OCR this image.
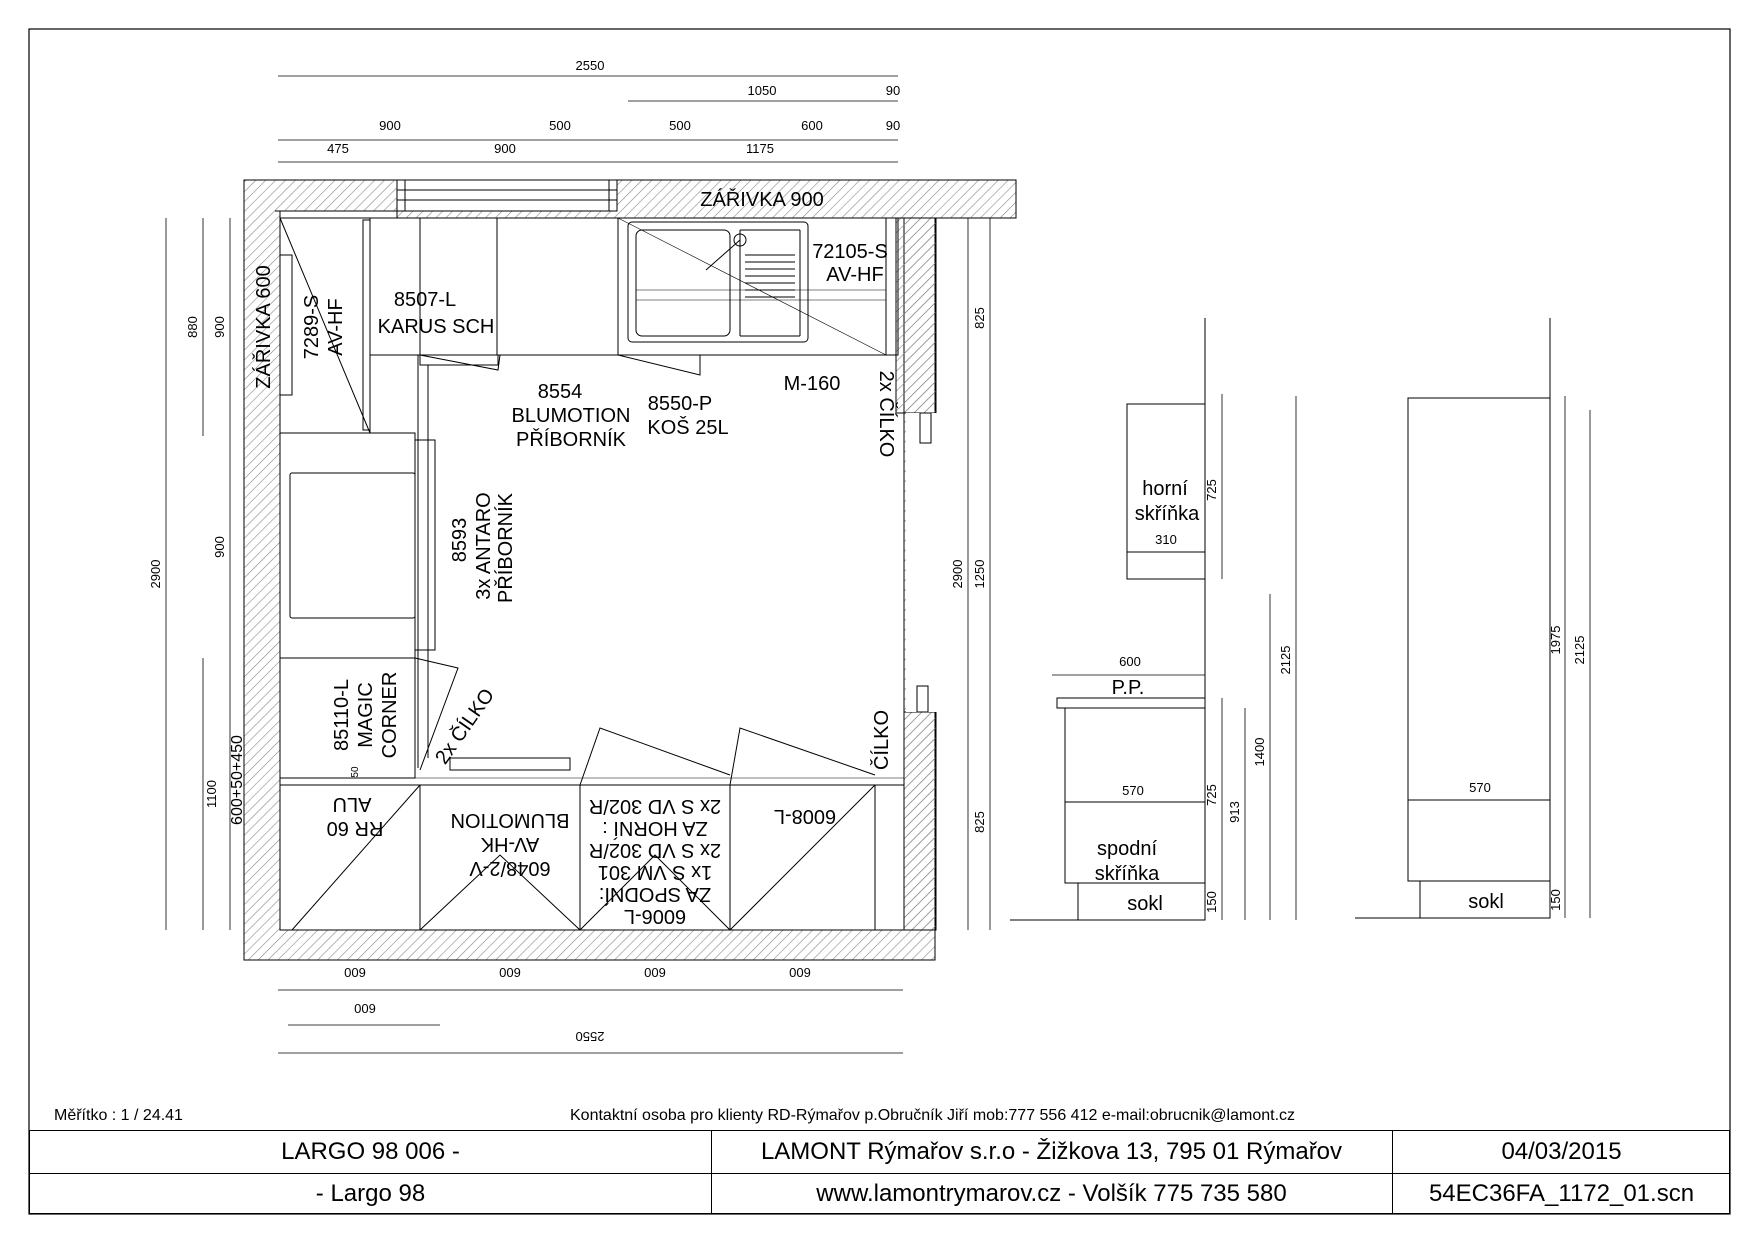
2550
1050	90
900	500	500	600	90
475	900	1175
600	600	600	600
600
2550
2900
880 900
900
1100 600+50+450
825
1250
825
2900
ZÁŘIVKA 900
ZÁŘIVKA 600 7289-S AV-HF 8507-L
KARUS SCH
72105-S
AV-HF
8554
BLUMOTION
PŘÍBORNÍK
8550-P
KOŠ 25L
M-160 2x ČÍLKO
8593 3x ANTARO PŘÍBORNÍK
85110-L MAGIC CORNER 2x ČÍLKO	ČÍLKO
RR 60
ALU
6048/2-V
AV-HK
BLUMOTION
6006-L
ZA SPODNÍ:
1x S VM 301
2x S VD 302/R
ZA HORNÍ :
2x S VD 302/R	6008-L
50
horní
skříňka
spodní
skříňka
sokl
P.P.
725
310
600
570	725
150
913
1400
2125
sokl
570
1975 2125
150
Měřítko : 1 / 24.41	Kontaktní osoba pro klienty RD-Rýmařov p.Obručník Jiří mob:777 556 412 e-mail:obrucnik@lamont.cz
LARGO 98 006 -	LAMONT Rýmařov s.r.o - Žižkova 13, 795 01 Rýmařov	04/03/2015
- Largo 98	www.lamontrymarov.cz - Volšík 775 735 580	54EC36FA_1172_01.scn
